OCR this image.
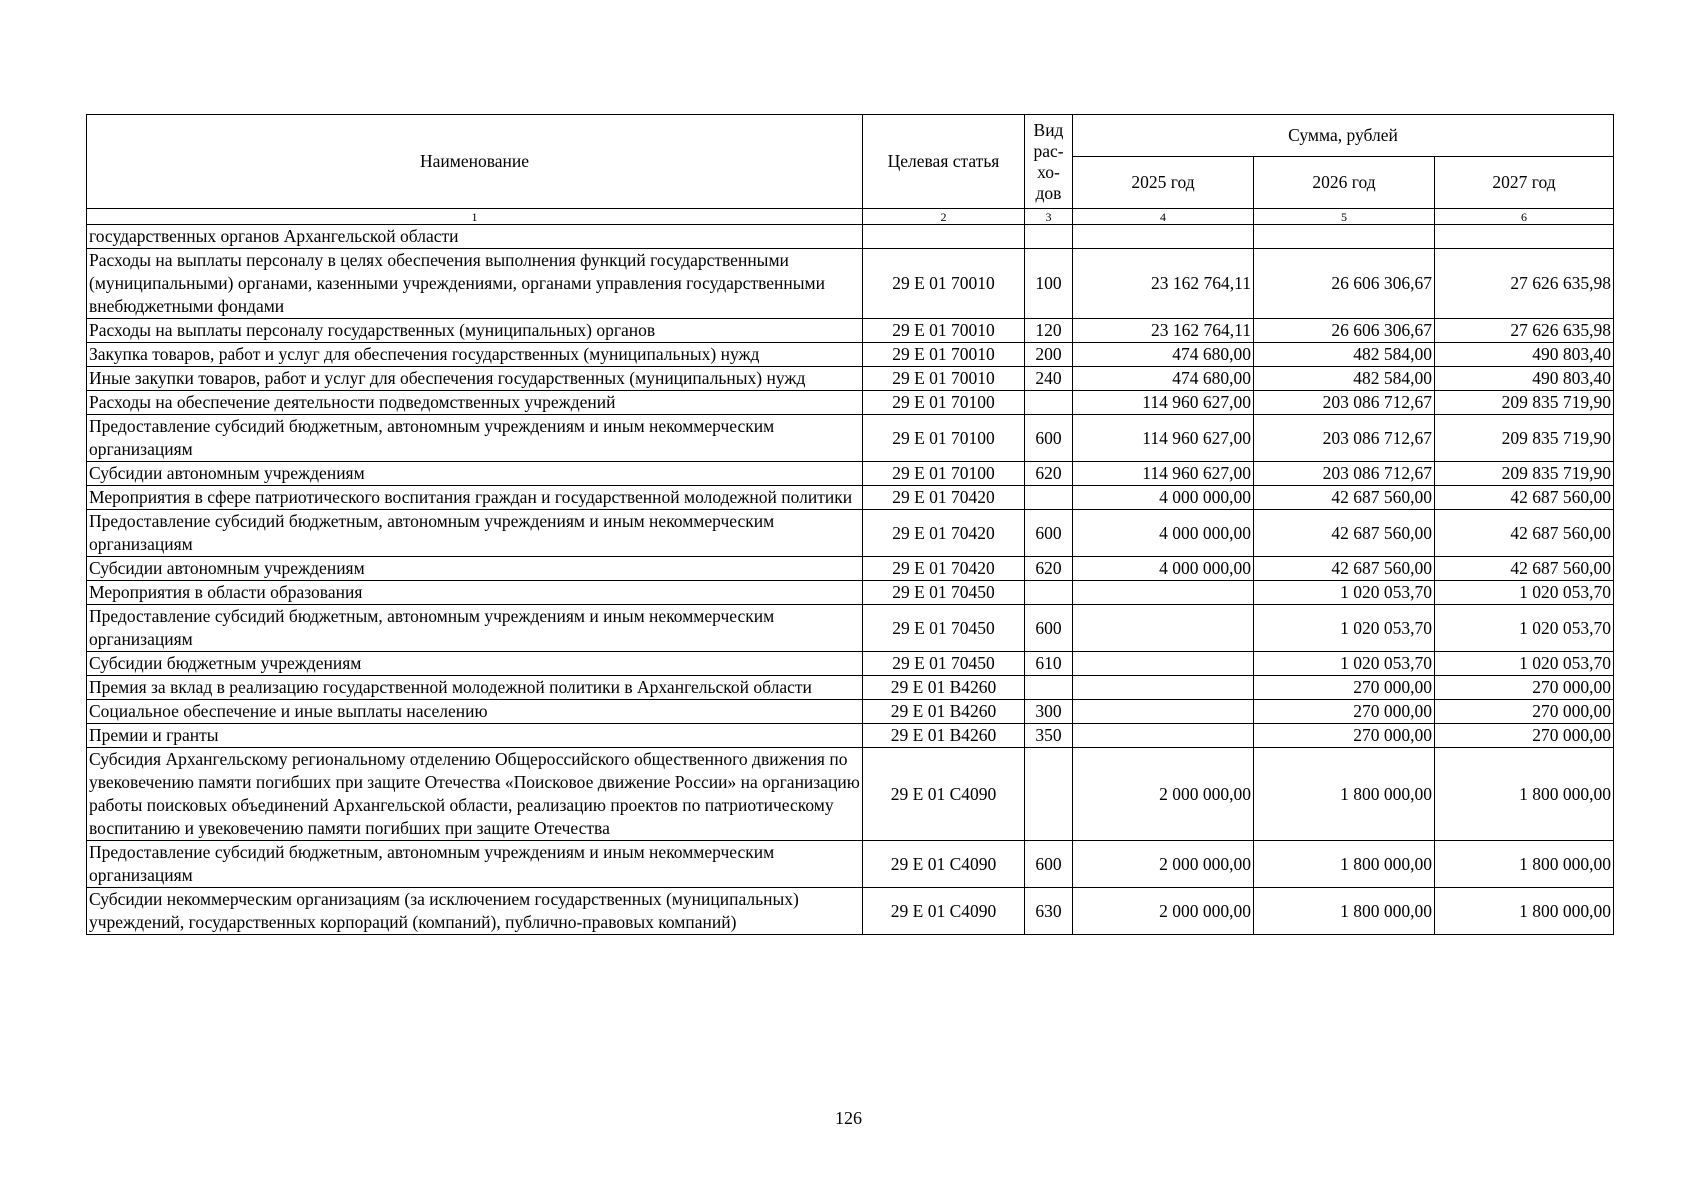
Наименование	Целевая статья	Вид рас-хо-дов	Сумма, рублей		
			2025 год	2026 год	2027 год
1	2	3	4	5	6
государственных органов Архангельской области					
Расходы на выплаты персоналу в целях обеспечения выполнения функций государственными (муниципальными) органами, казенными учреждениями, органами управления государственными внебюджетными фондами	29 Е 01 70010	100	23 162 764,11	26 606 306,67	27 626 635,98
Расходы на выплаты персоналу государственных (муниципальных) органов	29 Е 01 70010	120	23 162 764,11	26 606 306,67	27 626 635,98
Закупка товаров, работ и услуг для обеспечения государственных (муниципальных) нужд	29 Е 01 70010	200	474 680,00	482 584,00	490 803,40
Иные закупки товаров, работ и услуг для обеспечения государственных (муниципальных) нужд	29 Е 01 70010	240	474 680,00	482 584,00	490 803,40
Расходы на обеспечение деятельности подведомственных учреждений	29 Е 01 70100		114 960 627,00	203 086 712,67	209 835 719,90
Предоставление субсидий бюджетным, автономным учреждениям и иным некоммерческим организациям	29 Е 01 70100	600	114 960 627,00	203 086 712,67	209 835 719,90
Субсидии автономным учреждениям	29 Е 01 70100	620	114 960 627,00	203 086 712,67	209 835 719,90
Мероприятия в сфере патриотического воспитания граждан и государственной молодежной политики	29 Е 01 70420		4 000 000,00	42 687 560,00	42 687 560,00
Предоставление субсидий бюджетным, автономным учреждениям и иным некоммерческим организациям	29 Е 01 70420	600	4 000 000,00	42 687 560,00	42 687 560,00
Субсидии автономным учреждениям	29 Е 01 70420	620	4 000 000,00	42 687 560,00	42 687 560,00
Мероприятия в области образования	29 Е 01 70450			1 020 053,70	1 020 053,70
Предоставление субсидий бюджетным, автономным учреждениям и иным некоммерческим организациям	29 Е 01 70450	600		1 020 053,70	1 020 053,70
Субсидии бюджетным учреждениям	29 Е 01 70450	610		1 020 053,70	1 020 053,70
Премия за вклад в реализацию государственной молодежной политики в Архангельской области	29 Е 01 В4260			270 000,00	270 000,00
Социальное обеспечение и иные выплаты населению	29 Е 01 В4260	300		270 000,00	270 000,00
Премии и гранты	29 Е 01 В4260	350		270 000,00	270 000,00
Субсидия Архангельскому региональному отделению Общероссийского общественного движения по увековечению памяти погибших при защите Отечества «Поисковое движение России» на организацию работы поисковых объединений Архангельской области, реализацию проектов по патриотическому воспитанию и увековечению памяти погибших при защите Отечества	29 Е 01 С4090		2 000 000,00	1 800 000,00	1 800 000,00
Предоставление субсидий бюджетным, автономным учреждениям и иным некоммерческим организациям	29 Е 01 С4090	600	2 000 000,00	1 800 000,00	1 800 000,00
Субсидии некоммерческим организациям (за исключением государственных (муниципальных) учреждений, государственных корпораций (компаний), публично-правовых компаний)	29 Е 01 С4090	630	2 000 000,00	1 800 000,00	1 800 000,00
126
